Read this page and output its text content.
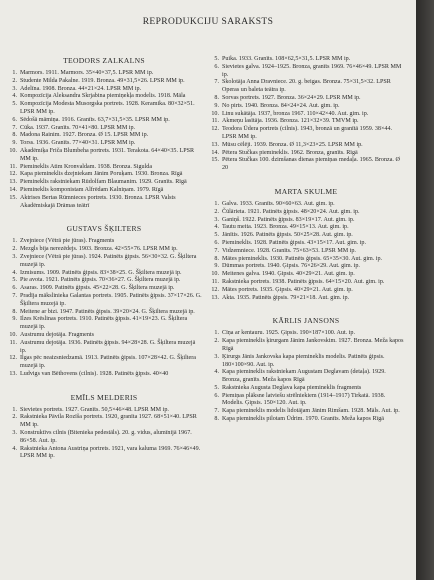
REPRODUKCIJU SARAKSTS
TEODORS ZALKALNS
1. Marmors. 1911. Marmors. 35×40×37,5. LPSR MM ip.
2. Studente Milda Pakalne. 1919. Bronza. 49×31,5×26. LPSR MM ip.
3. Adelīna. 1908. Bronza. 44×21×24. LPSR MM ip.
4. Kompozīcija Aleksandra Skrjabina piemiņekļa modelis. 1918. Māla
5. Kompozīcija Modesta Musorgska portrets. 1928. Keramika. 80×32×51. LPSR MM ip.
6. Sēdošā māmiņa. 1916. Granīts. 63,7×31,5×35. LPSR MM ip.
7. Cūka. 1937. Granīts. 70×41×80. LPSR MM ip.
8. Madona Rainim. 1927. Bronza. Ø 15. LPSR MM ip.
9. Torss. 1936. Granīts. 77×40×31. LPSR MM ip.
10. Akadēmiķa Friča Blumbeha portrets. 1931. Terakota. 64×40×35. LPSR MM ip.
11. Piemineklis Atim Kronvaldam. 1938. Bronza. Sigulda
12. Kapa piemineklis dzejniekam Jānim Poruķam. 1930. Bronza. Rīgā
13. Piemineklis rakstniekam Rūdolfam Blaumanim. 1929. Granīts. Rīgā
14. Piemineklis komponistam Alfrēdam Kalniņam. 1979. Rīgā
15. Aktrises Bertas Rūmnieces portrets. 1930. Bronza. LPSR Valsts Akadēmiskajā Drāmas teātrī
GUSTAVS ŠĶILTERS
1. Zvejniece (Vētrā pie jūras). Fragments
2. Mezgls bija nerezēdejs. 1903. Bronza. 42×55×76. LPSR MM ip.
3. Zvejniece (Vētrā pie jūras). 1924. Patinēts ģipsis. 56×30×32. G. Šķiltera muzejā ip.
4. Izmisums. 1909. Patinēts ģipsis. 83×38×25. G. Šķiltera muzejā ip.
5. Pie avota. 1921. Patinēts ģipsis. 70×36×27. G. Šķiltera muzejā ip.
6. Asaras. 1909. Patinēts ģipsis. 45×22×28. G. Šķiltera muzejā ip.
7. Pradīja mākslinieka Galantas portrets. 1905. Patinēts ģipsis. 37×17×26. G. Šķiltera muzejā ip.
8. Meitene ar bizi. 1947. Patinēts ģipsis. 39×20×24. G. Šķiltera muzejā ip.
9. Ilzes Krēslinas portrets. 1910. Patinēts ģipsis. 41×19×23. G. Šķiltera muzejā ip.
10. Austrumu dejotāja. Fragments
11. Austrumu dejotāja. 1936. Patinēts ģipsis. 94×28×28. G. Šķiltera muzejā ip.
12. Ilgas pēc neaizsniedzamā. 1913. Patinēts ģipsis. 107×28×42. G. Šķiltera muzejā ip.
13. Ludvigs van Bēthovens (cilnis). 1928. Patinēts ģipsis. 40×40
EMĪLS MELDERIS
1. Sievietes portrets. 1927. Granīts. 50,5×46×48. LPSR MM ip.
2. Rakstnieka Pāvila Rozīša portrets. 1920, granīta 1927. 68×51×40. LPSR MM ip.
3. Konstruktīvs cilnis (Bitenieka pedestāls). 20. g. vidus, alumīnijā 1967. 86×58. Aut. ip.
4. Rakstnieka Antona Austriņa portrets. 1921, vara kaluma 1969. 76×46×49. LPSR MM ip.
5. Puika. 1933. Granīts. 108×62,5×31,5. LPSR MM ip.
6. Sievietes galva. 1924–1925. Bronza, granīts 1969. 76×46×49. LPSR MM ip.
7. Skolotāja Anna Dravniece. 20. g. beigas. Bronza. 75×31,5×32. LPSR Operas un baleta teātra ip.
8. Sorvas portrets. 1927. Bronza. 36×24×29. LPSR MM ip.
9. No pirts. 1940. Bronza. 84×24×24. Aut. gim. ip.
10. Linu sukātāja. 1937, bronza 1967. 110×42×40. Aut. gim. ip.
11. Akmeņu lasītāja. 1936. Bronza. 121×32×39. TMVM ip.
12. Teodora Ūdera portrets (cilnis). 1943, bronzā un granītā 1959. 38×44. LPSR MM ip.
13. Mūsu cēlēji. 1939. Bronza. Ø 11,3×23×25. LPSR MM ip.
14. Pētera Stučkas piemineklis. 1962. Bronza, granīts. Rīgā
15. Pētera Stučkas 100. dzimšanas dienas piemiņas medaļa. 1965. Bronza. Ø 20
MARTA SKULME
1. Galva. 1933. Granīts. 90×60×63. Aut. gim. ip.
2. Čūlārieta. 1921. Patinēts ģipsis. 48×20×24. Aut. gim. ip.
3. Ganiņš. 1922. Patinēts ģipsis. 83×19×17. Aut. gim. ip.
4. Tautu meita. 1923. Bronza. 49×15×13. Aut. gim. ip.
5. Jānītis. 1926. Patinēts ģipsis. 50×25×28. Aut. gim. ip.
6. Piemineklis. 1928. Patinēts ģipsis. 43×15×17. Aut. gim. ip.
7. Vidzemniece. 1928. Granīts. 75×63×53. LPSR MM ip.
8. Mātes piemineklis. 1930. Patinēts ģipsis. 65×35×30. Aut. gim. ip.
9. Dūmmas portrets. 1940. Ģipsis. 76×26×29. Aut. gim. ip.
10. Meitenes galva. 1940. Ģipsis. 40×29×21. Aut. gim. ip.
11. Rakstnieka portrets. 1938. Patinēts ģipsis. 64×15×20. Aut. gim. ip.
12. Mātes portrets. 1935. Ģipsis. 40×29×21. Aut. gim. ip.
13. Akta. 1935. Patinēts ģipsis. 79×21×18. Aut. gim. ip.
KĀRLIS JANSONS
1. Cīņa ar kentauru. 1925. Ģipsis. 190×187×100. Aut. ip.
2. Kapa piemineklis ķirurgam Jānim Jankovskim. 1927. Bronza. Meža kapos Rīgā
3. Ķirurgs Jānis Jankovska kapa piemineklis modelis. Patinēts ģipsis. 180×100×90. Aut. ip.
4. Kapa piemineklis rakstniekam Augustam Deglavam (detaļa). 1929. Bronza, granīts. Meža kapos Rīgā
5. Rakstnieka Augusta Deglava kapa piemineklis fragments
6. Piemiņas plāksne latviešu strēlniekiem (1914–1917) Tirkatā. 1938. Modelis. Ģipsis. 150×120. Aut. ip.
7. Kapa piemineklis modelis lidotājam Jānim Rimšam. 1928. Māls. Aut. ip.
8. Kapa piemineklis pilotam Ūdrim. 1970. Granīts. Meža kapos Rīgā
